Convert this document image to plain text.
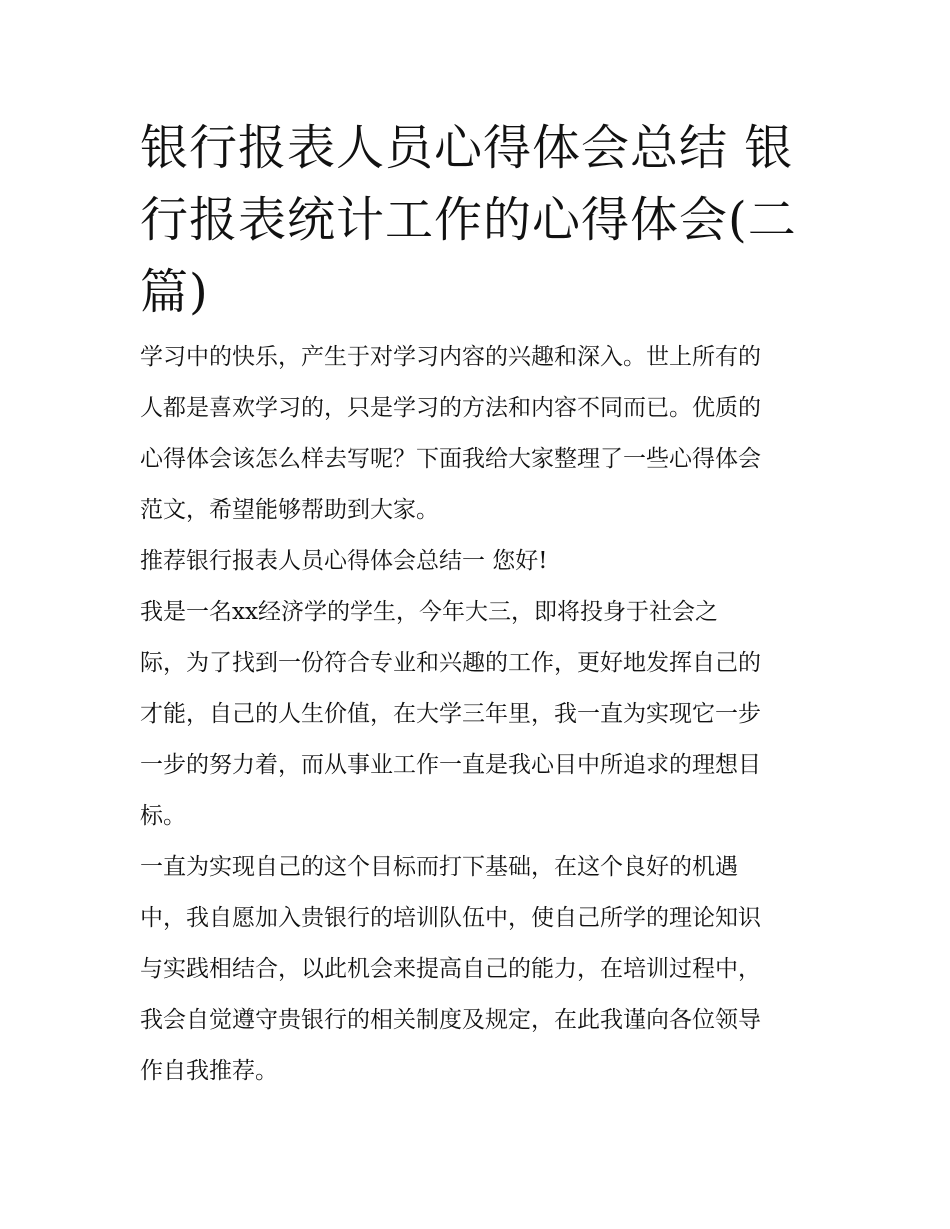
银行报表人员心得体会总结 银
行报表统计工作的心得体会(二
篇)

学习中的快乐，产生于对学习内容的兴趣和深入。世上所有的
人都是喜欢学习的，只是学习的方法和内容不同而已。优质的
心得体会该怎么样去写呢？下面我给大家整理了一些心得体会
范文，希望能够帮助到大家。

推荐银行报表人员心得体会总结一 您好!

我是一名xx经济学的学生，今年大三，即将投身于社会之
际，为了找到一份符合专业和兴趣的工作，更好地发挥自己的
才能，自己的人生价值，在大学三年里，我一直为实现它一步
一步的努力着，而从事业工作一直是我心目中所追求的理想目
标。

一直为实现自己的这个目标而打下基础，在这个良好的机遇
中，我自愿加入贵银行的培训队伍中，使自己所学的理论知识
与实践相结合，以此机会来提高自己的能力，在培训过程中，
我会自觉遵守贵银行的相关制度及规定，在此我谨向各位领导
作自我推荐。
